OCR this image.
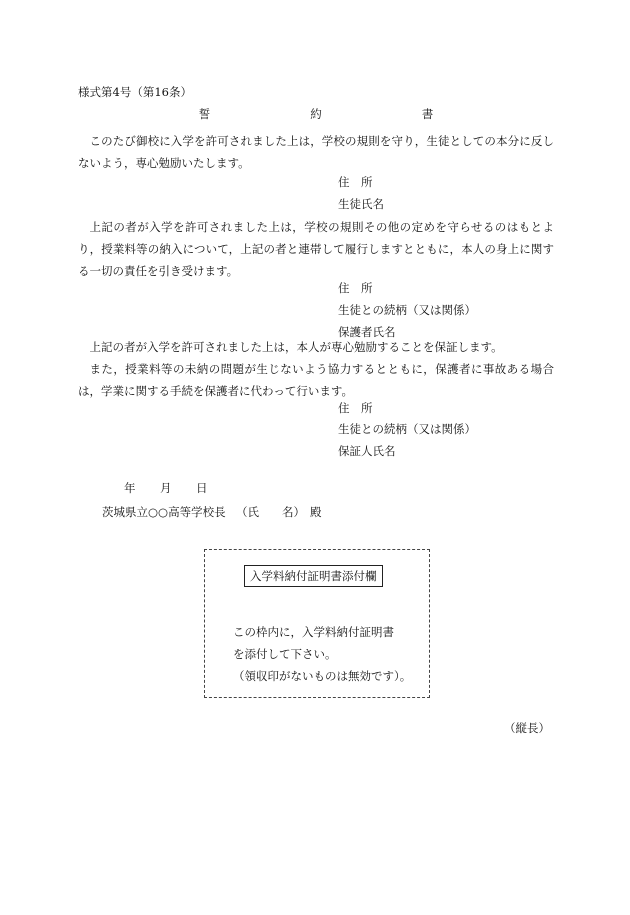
様式第4号（第16条）
誓	約	書
このたび御校に入学を許可されました上は，学校の規則を守り，生徒としての本分に反しないよう，専心勉励いたします。
住　所
生徒氏名
上記の者が入学を許可されました上は，学校の規則その他の定めを守らせるのはもとより，授業料等の納入について，上記の者と連帯して履行しますとともに，本人の身上に関する一切の責任を引き受けます。
住　所
生徒との続柄（又は関係）
保護者氏名
上記の者が入学を許可されました上は，本人が専心勉励することを保証します。
また，授業料等の未納の問題が生じないよう協力するとともに，保護者に事故ある場合は，学業に関する手続を保護者に代わって行います。
住　所
生徒との続柄（又は関係）
保証人氏名
年 月 日
茨城県立○○高等学校長 （氏　　名） 殿
入学料納付証明書添付欄
この枠内に，入学料納付証明書
を添付して下さい。
（領収印がないものは無効です）。
（縦長）
